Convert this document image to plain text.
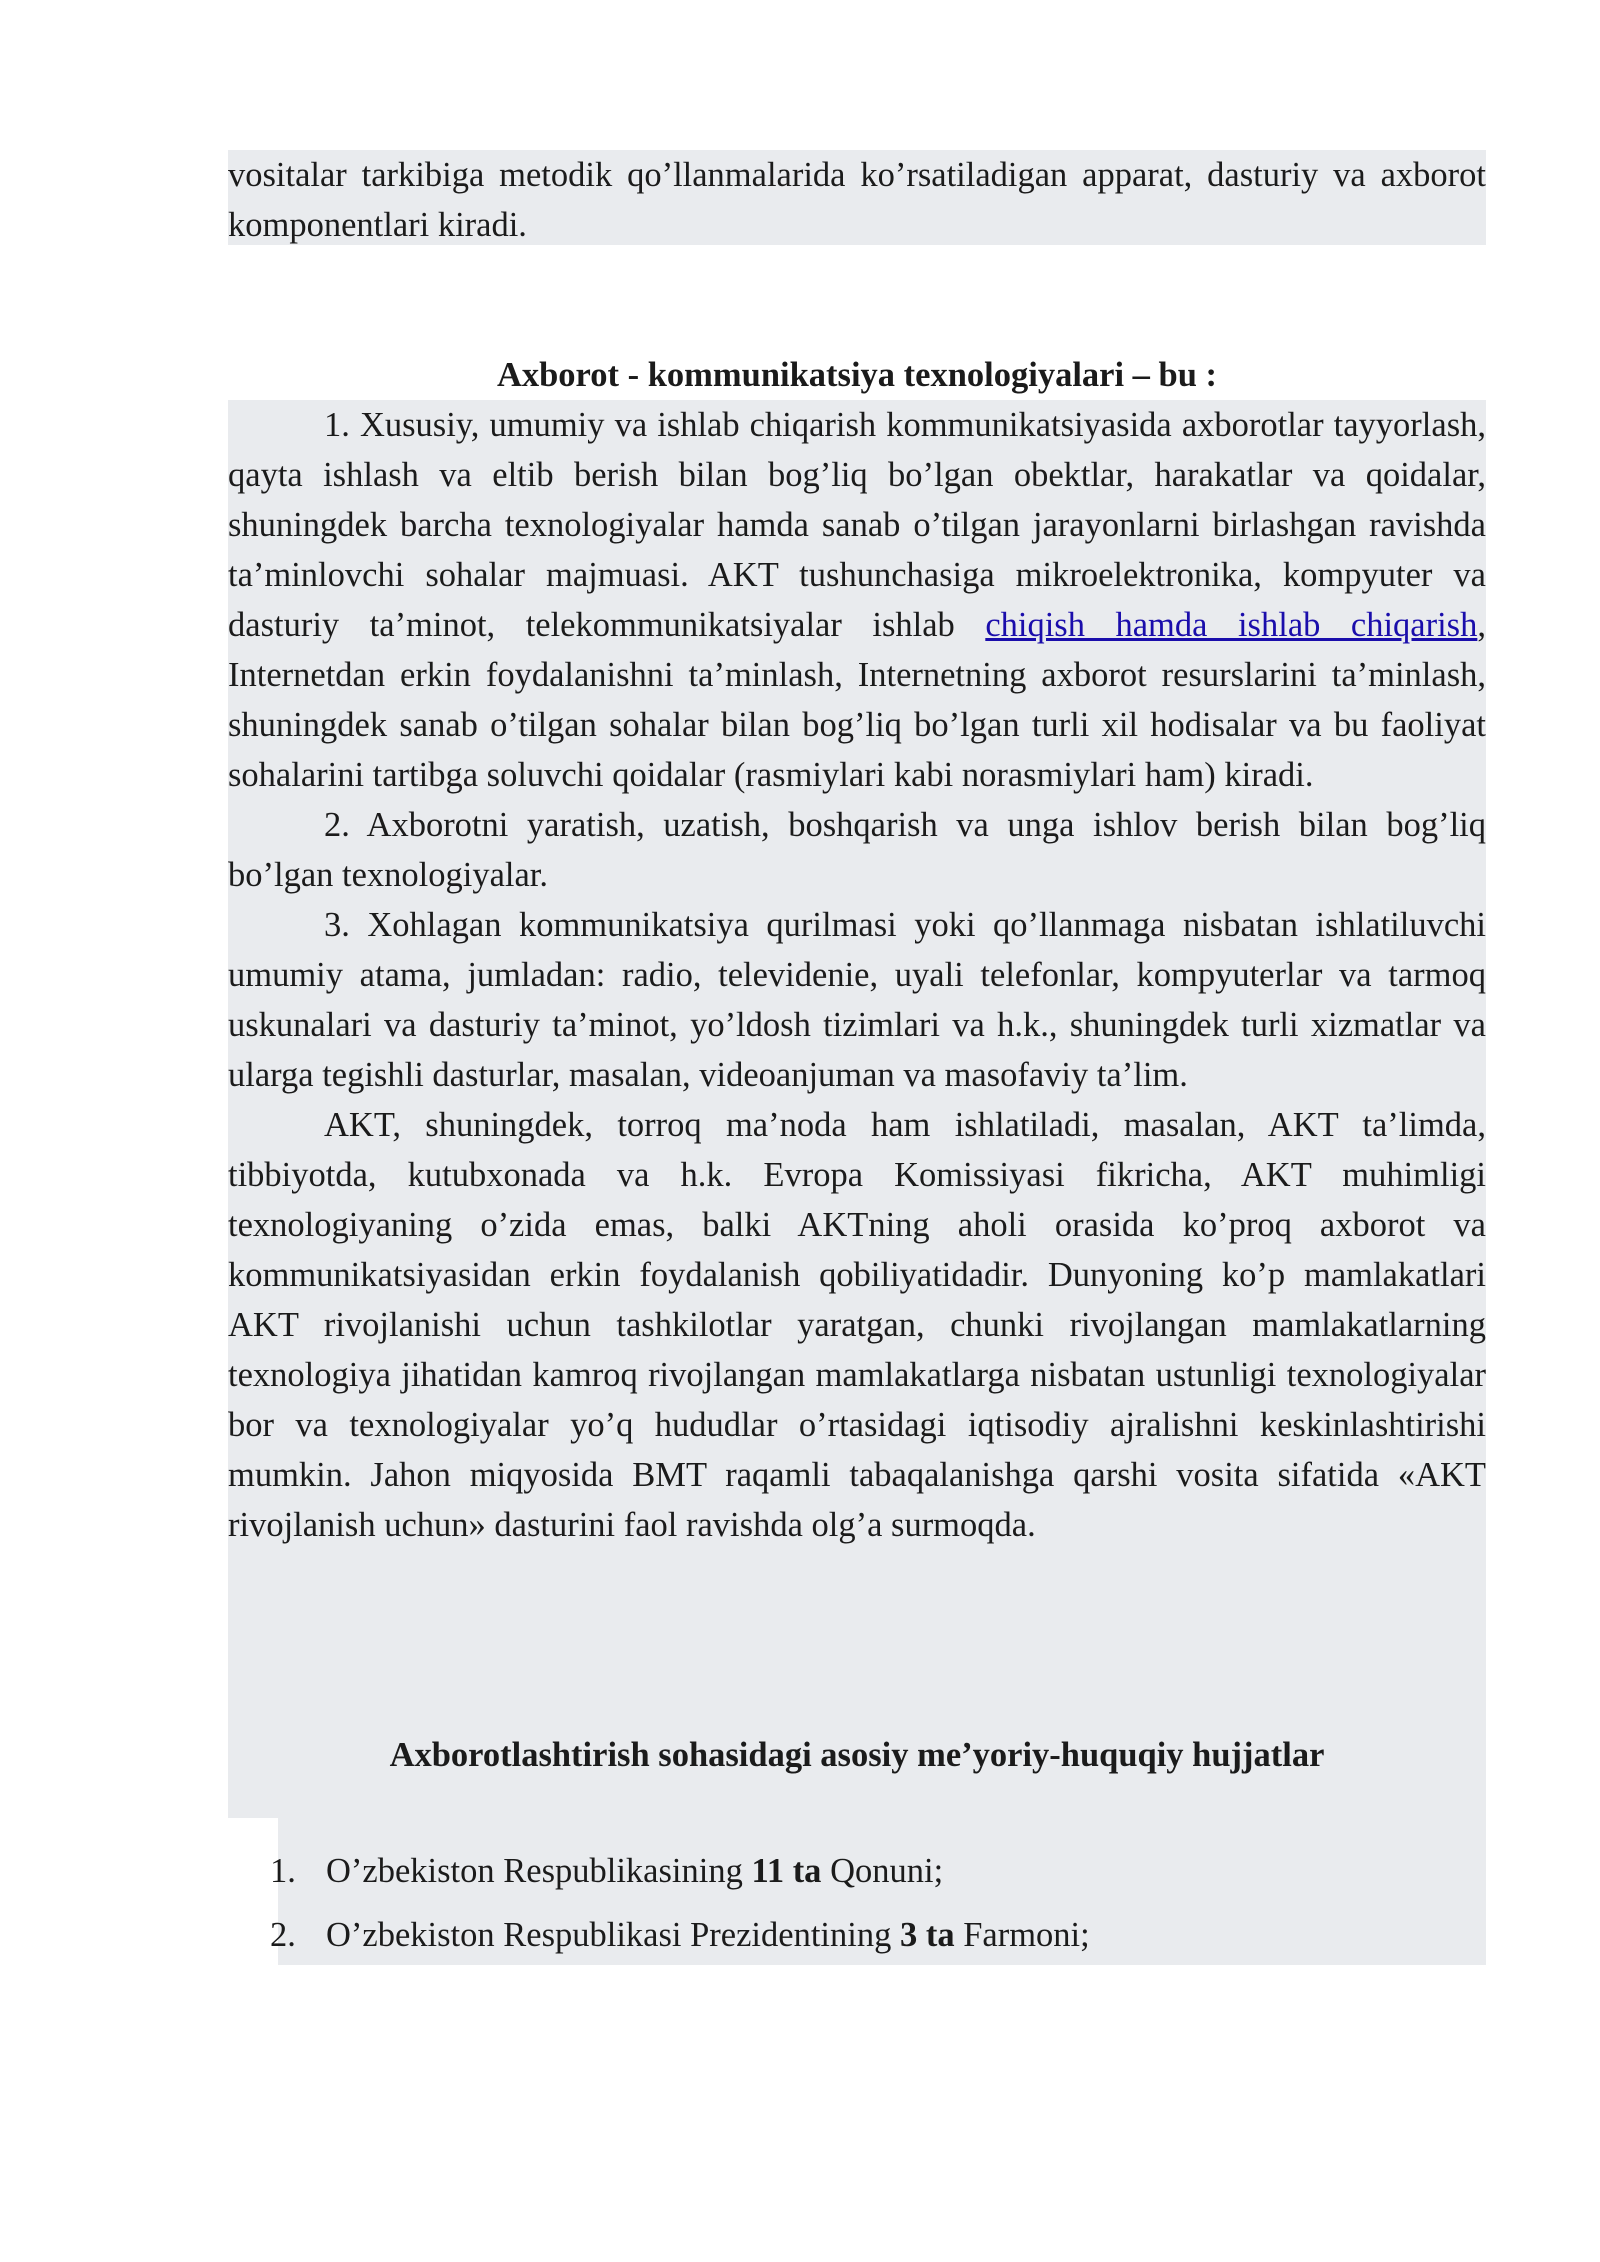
vositalar tarkibiga metodik qo’llanmalarida ko’rsatiladigan apparat, dasturiy va axborot komponentlari kiradi.

Axborot - kommunikatsiya texnologiyalari – bu :

1. Xususiy, umumiy va ishlab chiqarish kommunikatsiyasida axborotlar tayyorlash, qayta ishlash va eltib berish bilan bog’liq bo’lgan obektlar, harakatlar va qoidalar, shuningdek barcha texnologiyalar hamda sanab o’tilgan jarayonlarni birlashgan ravishda ta’minlovchi sohalar majmuasi. AKT tushunchasiga mikroelektronika, kompyuter va dasturiy ta’minot, telekommunikatsiyalar ishlab chiqish hamda ishlab chiqarish, Internetdan erkin foydalanishni ta’minlash, Internetning axborot resurslarini ta’minlash, shuningdek sanab o’tilgan sohalar bilan bog’liq bo’lgan turli xil hodisalar va bu faoliyat sohalarini tartibga soluvchi qoidalar (rasmiylari kabi norasmiylari ham) kiradi.

2. Axborotni yaratish, uzatish, boshqarish va unga ishlov berish bilan bog’liq bo’lgan texnologiyalar.

3. Xohlagan kommunikatsiya qurilmasi yoki qo’llanmaga nisbatan ishlatiluvchi umumiy atama, jumladan: radio, televidenie, uyali telefonlar, kompyuterlar va tarmoq uskunalari va dasturiy ta’minot, yo’ldosh tizimlari va h.k., shuningdek turli xizmatlar va ularga tegishli dasturlar, masalan, videoanjuman va masofaviy ta’lim.

AKT, shuningdek, torroq ma’noda ham ishlatiladi, masalan, AKT ta’limda, tibbiyotda, kutubxonada va h.k. Evropa Komissiyasi fikricha, AKT muhimligi texnologiyaning o’zida emas, balki AKTning aholi orasida ko’proq axborot va kommunikatsiyasidan erkin foydalanish qobiliyatidadir. Dunyoning ko’p mamlakatlari AKT rivojlanishi uchun tashkilotlar yaratgan, chunki rivojlangan mamlakatlarning texnologiya jihatidan kamroq rivojlangan mamlakatlarga nisbatan ustunligi texnologiyalar bor va texnologiyalar yo’q hududlar o’rtasidagi iqtisodiy ajralishni keskinlashtirishi mumkin. Jahon miqyosida BMT raqamli tabaqalanishga qarshi vosita sifatida «AKT rivojlanish uchun» dasturini faol ravishda olg’a surmoqda.

Axborotlashtirish sohasidagi asosiy me’yoriy-huquqiy hujjatlar

1. O’zbekiston Respublikasining 11 ta Qonuni;
2. O’zbekiston Respublikasi Prezidentining 3 ta Farmoni;
